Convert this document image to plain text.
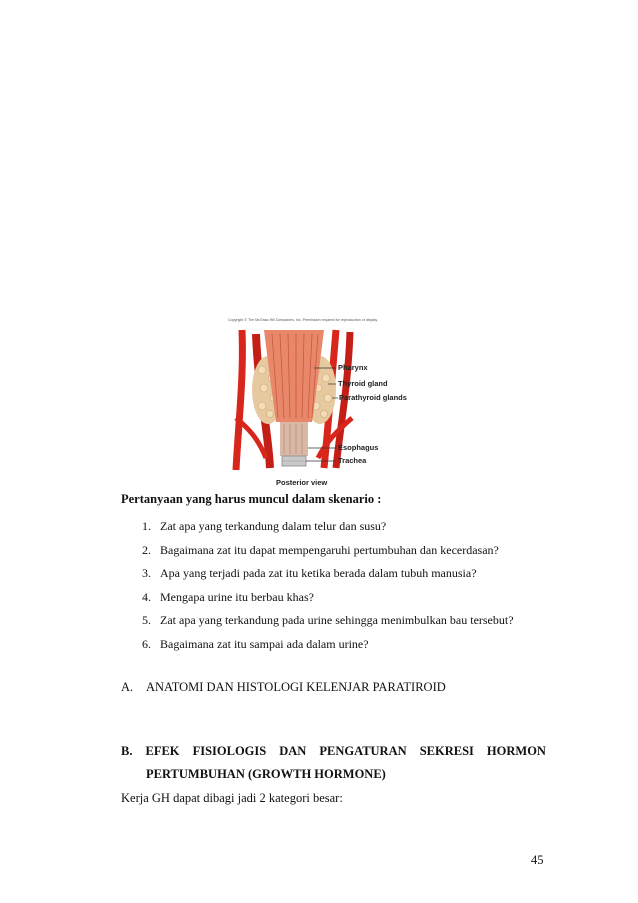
Copyright © The McGraw-Hill Companies, Inc. Permission required for reproduction or display.
Pharynx
Thyroid gland
Parathyroid glands
Esophagus
Trachea
Posterior view
Pertanyaan yang harus muncul dalam skenario :
1. Zat apa yang terkandung dalam telur dan susu?
2. Bagaimana zat itu dapat mempengaruhi pertumbuhan dan kecerdasan?
3. Apa yang terjadi pada zat itu ketika berada dalam tubuh manusia?
4. Mengapa urine itu berbau khas?
5. Zat apa yang terkandung pada urine sehingga menimbulkan bau tersebut?
6. Bagaimana zat itu sampai ada dalam urine?
A.	ANATOMI DAN HISTOLOGI KELENJAR PARATIROID
B. EFEK FISIOLOGIS DAN PENGATURAN SEKRESI HORMON
PERTUMBUHAN (GROWTH HORMONE)
Kerja GH dapat dibagi jadi 2 kategori besar:
45
